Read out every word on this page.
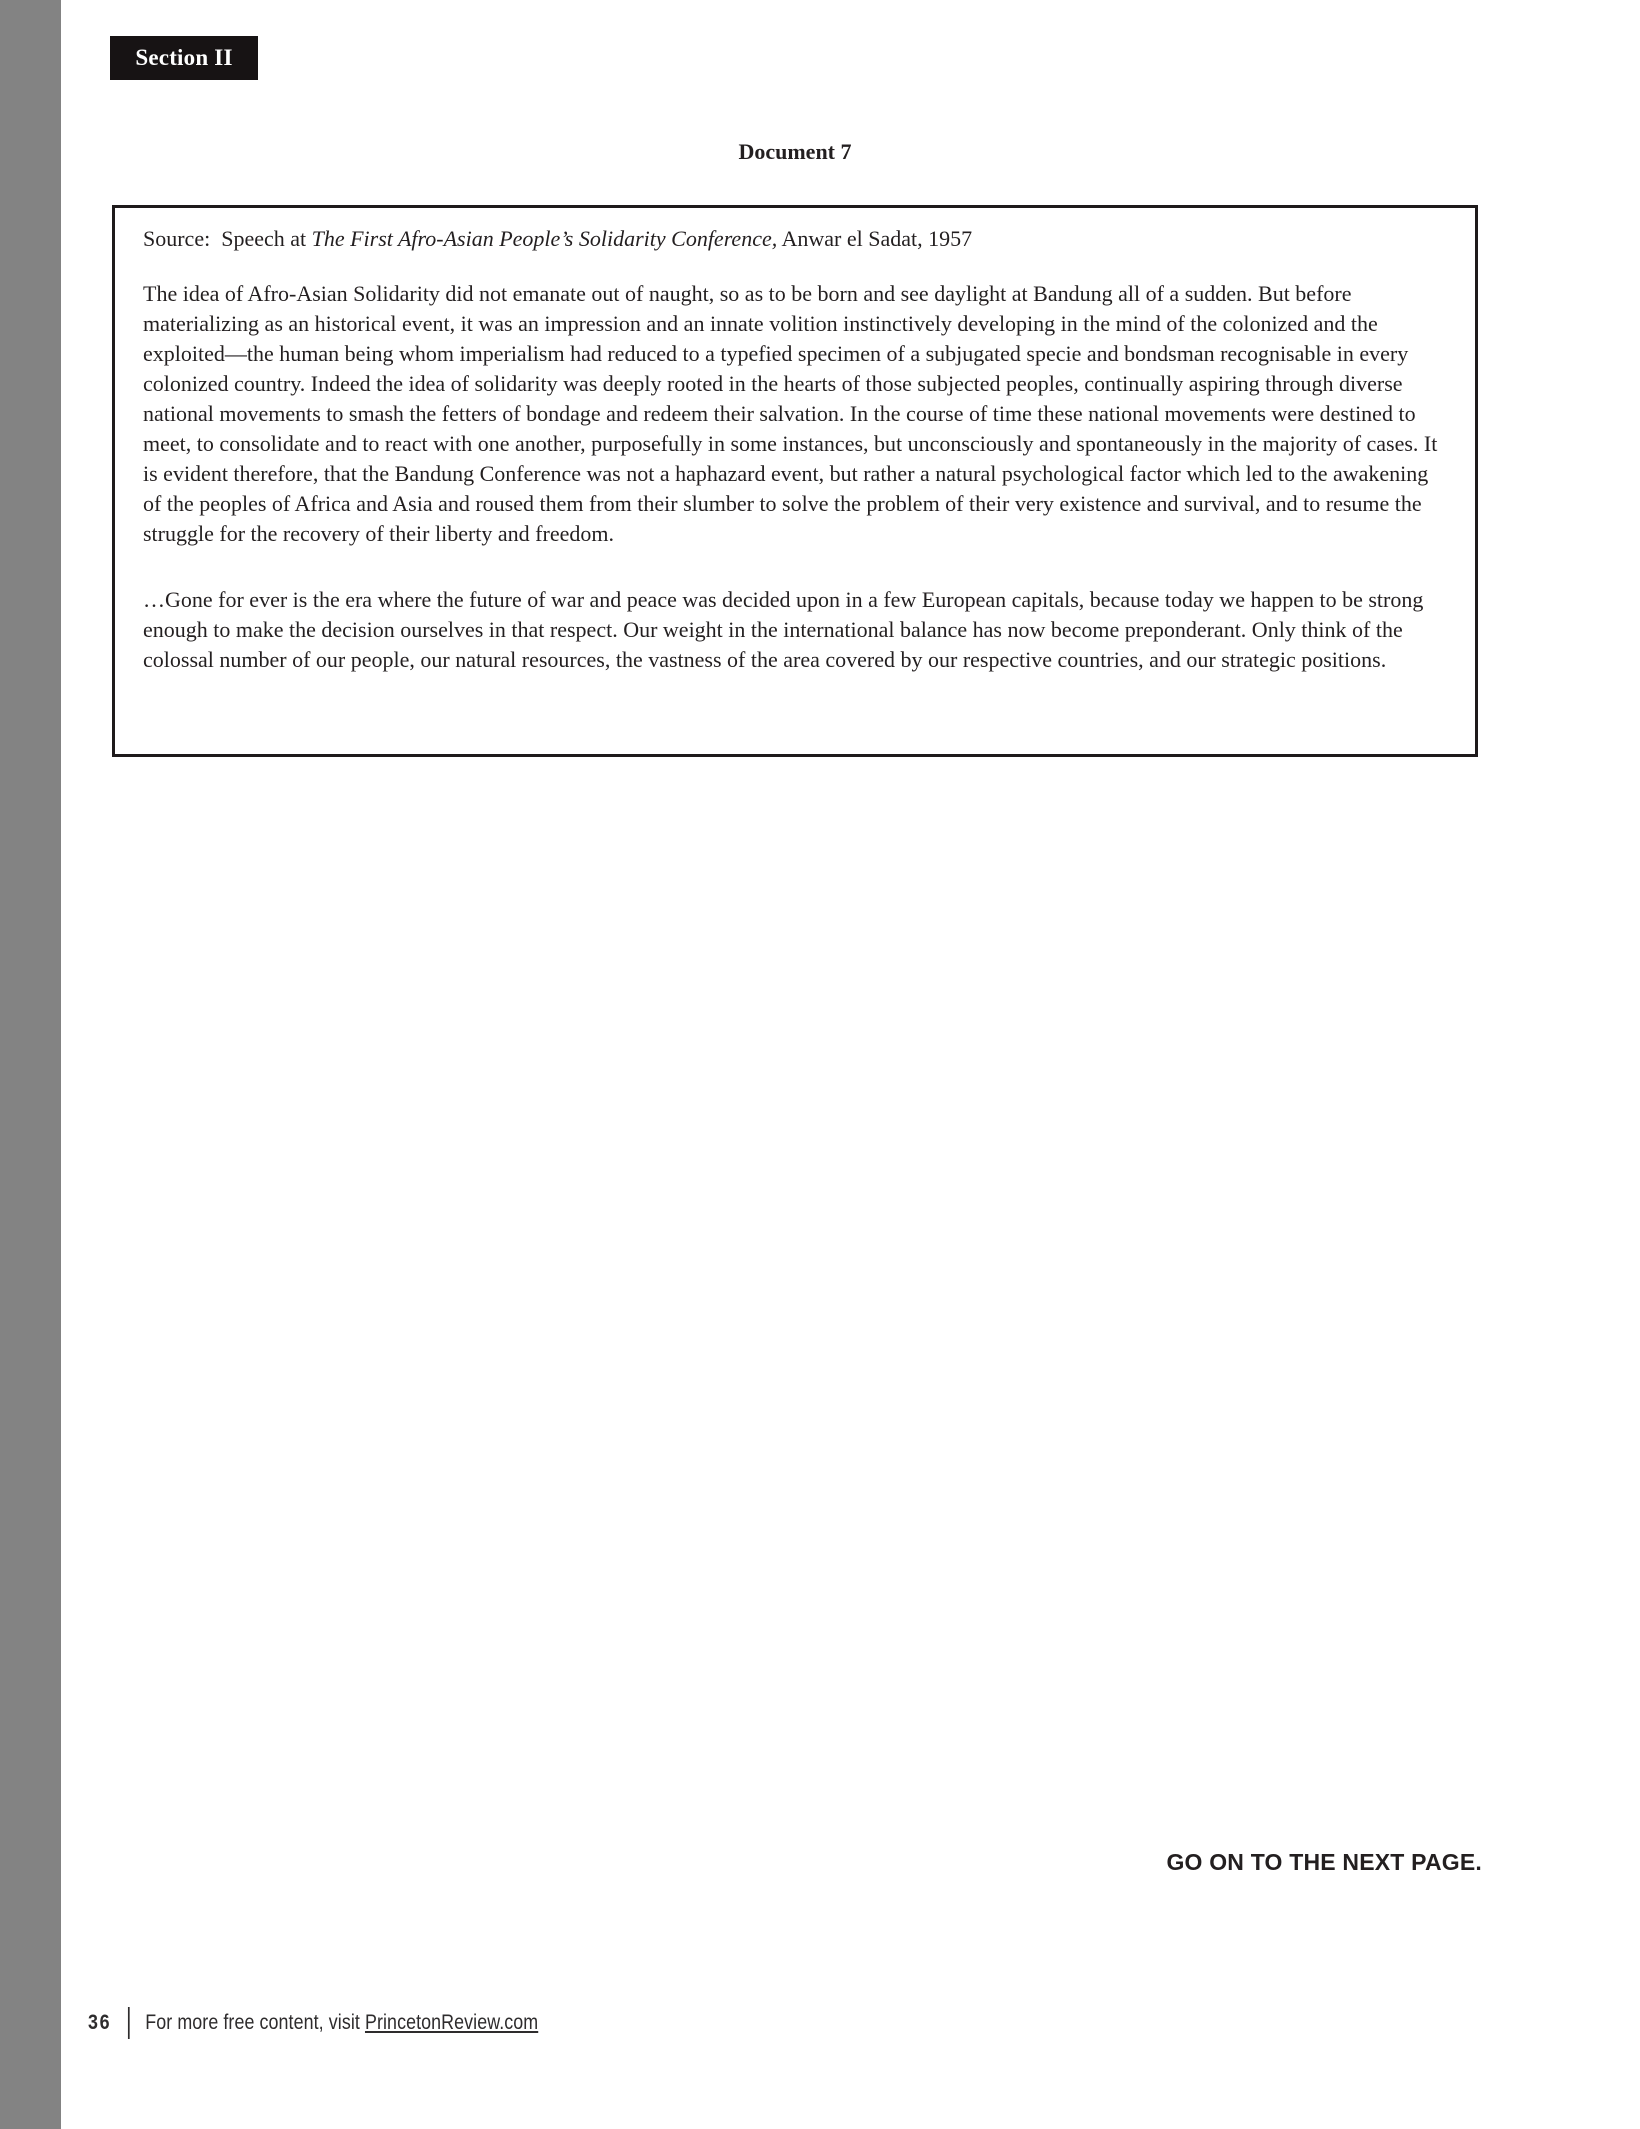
Section II
Document 7
Source:  Speech at The First Afro-Asian People’s Solidarity Conference, Anwar el Sadat, 1957

The idea of Afro-Asian Solidarity did not emanate out of naught, so as to be born and see daylight at Bandung all of a sudden. But before materializing as an historical event, it was an impression and an innate volition instinctively developing in the mind of the colonized and the exploited—the human being whom imperialism had reduced to a typefied specimen of a subjugated specie and bondsman recognisable in every colonized country. Indeed the idea of solidarity was deeply rooted in the hearts of those subjected peoples, continually aspiring through diverse national movements to smash the fetters of bondage and redeem their salvation. In the course of time these national movements were destined to meet, to consolidate and to react with one another, purposefully in some instances, but unconsciously and spontaneously in the majority of cases. It is evident therefore, that the Bandung Conference was not a haphazard event, but rather a natural psychological factor which led to the awakening of the peoples of Africa and Asia and roused them from their slumber to solve the problem of their very existence and survival, and to resume the struggle for the recovery of their liberty and freedom.

…Gone for ever is the era where the future of war and peace was decided upon in a few European capitals, because today we happen to be strong enough to make the decision ourselves in that respect. Our weight in the international balance has now become preponderant. Only think of the colossal number of our people, our natural resources, the vastness of the area covered by our respective countries, and our strategic positions.

GO ON TO THE NEXT PAGE.
36 For more free content, visit PrincetonReview.com
